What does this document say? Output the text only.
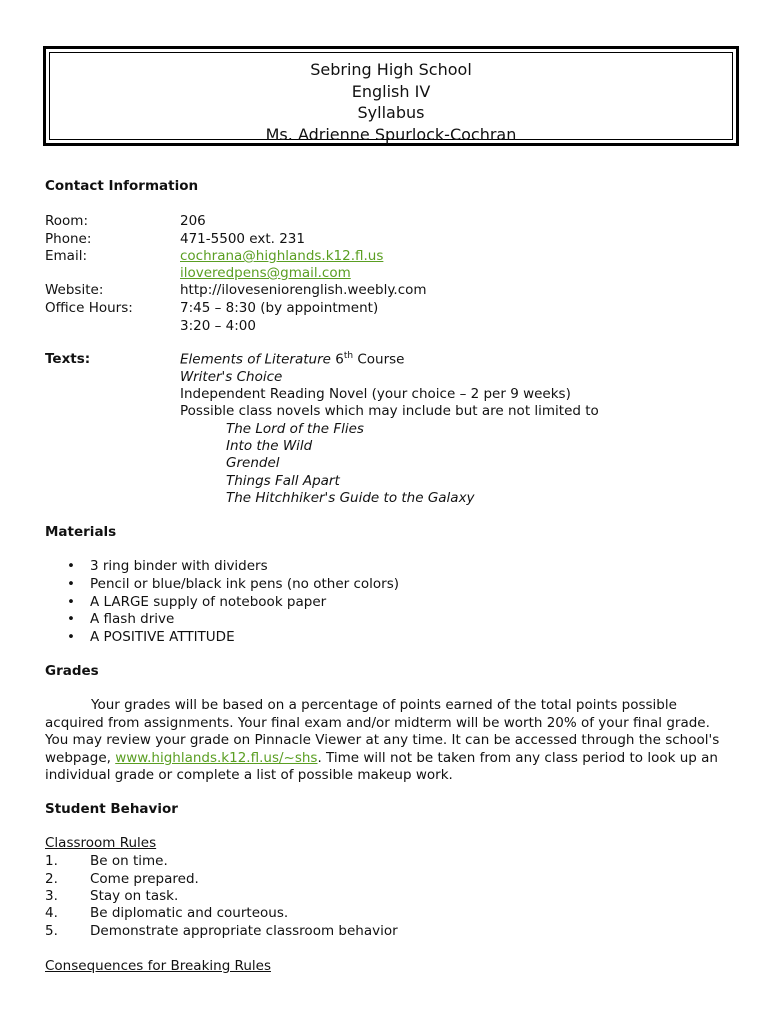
Sebring High School
English IV
Syllabus
Ms. Adrienne Spurlock-Cochran
Contact Information
Room:	206
Phone:	471-5500 ext. 231
Email:	cochrana@highlands.k12.fl.us
iloveredpens@gmail.com
Website:	http://iloveseniorenglish.weebly.com
Office Hours:	7:45 – 8:30 (by appointment)
3:20 – 4:00
Texts:	Elements of Literature 6th Course
Writer's Choice
Independent Reading Novel (your choice – 2 per 9 weeks)
Possible class novels which may include but are not limited to
The Lord of the Flies
Into the Wild
Grendel
Things Fall Apart
The Hitchhiker's Guide to the Galaxy
Materials
• 3 ring binder with dividers
• Pencil or blue/black ink pens (no other colors)
• A LARGE supply of notebook paper
• A flash drive
• A POSITIVE ATTITUDE
Grades
Your grades will be based on a percentage of points earned of the total points possible acquired from assignments. Your final exam and/or midterm will be worth 20% of your final grade. You may review your grade on Pinnacle Viewer at any time. It can be accessed through the school's webpage, www.highlands.k12.fl.us/~shs. Time will not be taken from any class period to look up an individual grade or complete a list of possible makeup work.
Student Behavior
Classroom Rules
1. Be on time.
2. Come prepared.
3. Stay on task.
4. Be diplomatic and courteous.
5. Demonstrate appropriate classroom behavior
Consequences for Breaking Rules
